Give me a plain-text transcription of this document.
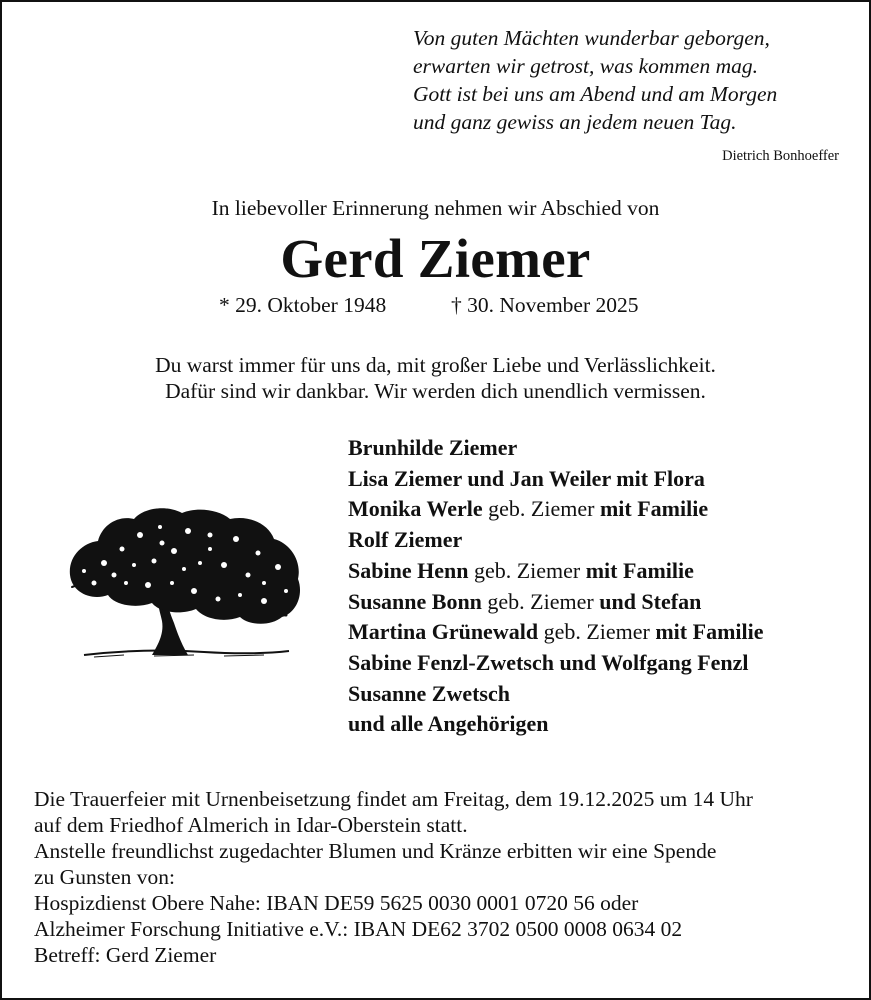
Von guten Mächten wunderbar geborgen,
erwarten wir getrost, was kommen mag.
Gott ist bei uns am Abend und am Morgen
und ganz gewiss an jedem neuen Tag.
Dietrich Bonhoeffer
In liebevoller Erinnerung nehmen wir Abschied von
Gerd Ziemer
* 29. Oktober 1948	† 30. November 2025
Du warst immer für uns da, mit großer Liebe und Verlässlichkeit.
Dafür sind wir dankbar. Wir werden dich unendlich vermissen.
Brunhilde Ziemer
Lisa Ziemer und Jan Weiler mit Flora
Monika Werle geb. Ziemer mit Familie
Rolf Ziemer
Sabine Henn geb. Ziemer mit Familie
Susanne Bonn geb. Ziemer und Stefan
Martina Grünewald geb. Ziemer mit Familie
Sabine Fenzl-Zwetsch und Wolfgang Fenzl
Susanne Zwetsch
und alle Angehörigen
Die Trauerfeier mit Urnenbeisetzung findet am Freitag, dem 19.12.2025 um 14 Uhr
auf dem Friedhof Almerich in Idar-Oberstein statt.
Anstelle freundlichst zugedachter Blumen und Kränze erbitten wir eine Spende
zu Gunsten von:
Hospizdienst Obere Nahe: IBAN DE59 5625 0030 0001 0720 56 oder
Alzheimer Forschung Initiative e.V.: IBAN DE62 3702 0500 0008 0634 02
Betreff: Gerd Ziemer
